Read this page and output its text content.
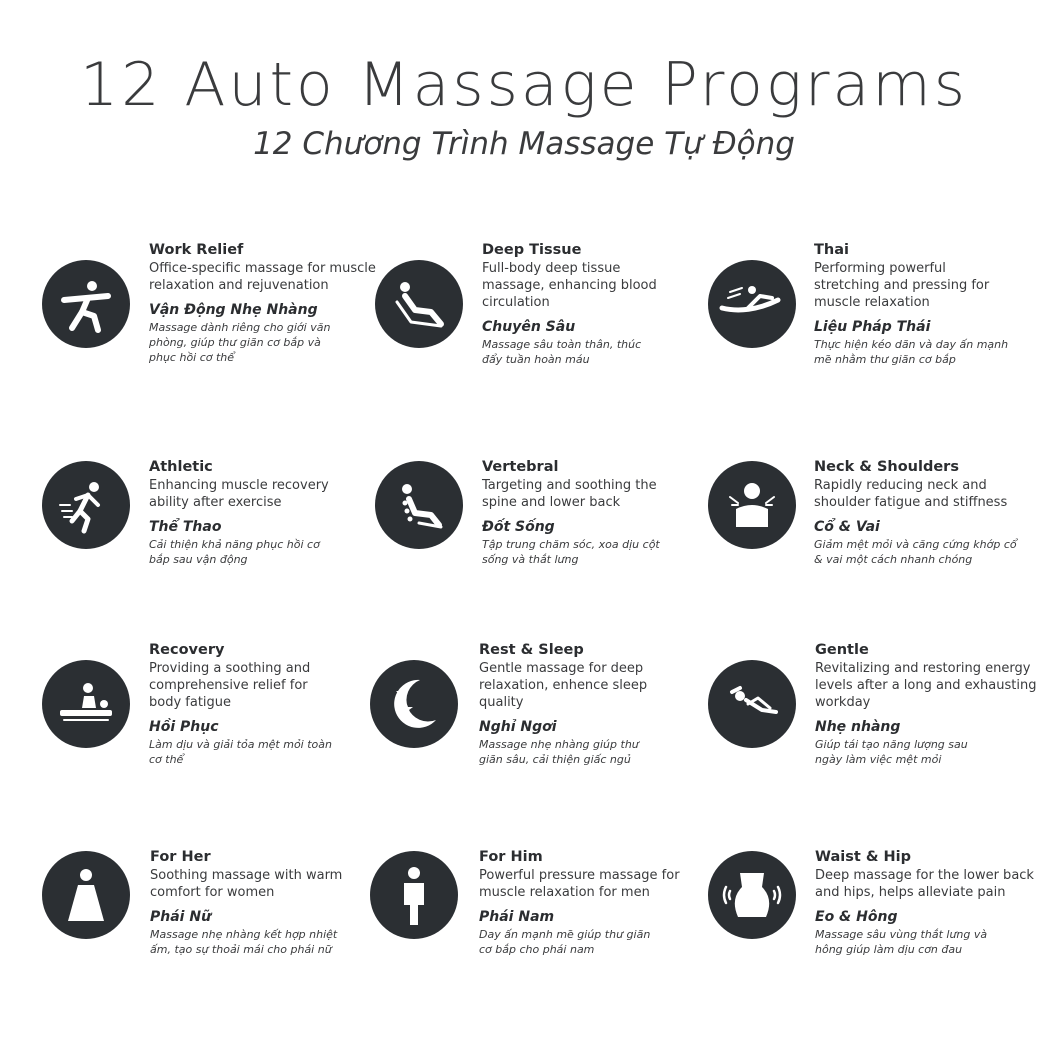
12 Auto Massage Programs
12 Chương Trình Massage Tự Động
Work Relief
Office-specific massage for muscle relaxation and rejuvenation
Vận Động Nhẹ Nhàng
Massage dành riêng cho giới văn phòng, giúp thư giãn cơ bắp và phục hồi cơ thể
Deep Tissue
Full-body deep tissue massage, enhancing blood circulation
Chuyên Sâu
Massage sâu toàn thân, thúc đẩy tuần hoàn máu
Thai
Performing powerful stretching and pressing for muscle relaxation
Liệu Pháp Thái
Thực hiện kéo dãn và day ấn mạnh mẽ nhằm thư giãn cơ bắp
Athletic
Enhancing muscle recovery ability after exercise
Thể Thao
Cải thiện khả năng phục hồi cơ bắp sau vận động
Vertebral
Targeting and soothing the spine and lower back
Đốt Sống
Tập trung chăm sóc, xoa dịu cột sống và thắt lưng
Neck & Shoulders
Rapidly reducing neck and shoulder fatigue and stiffness
Cổ & Vai
Giảm mệt mỏi và căng cứng khớp cổ & vai một cách nhanh chóng
Recovery
Providing a soothing and comprehensive relief for body fatigue
Hồi Phục
Làm dịu và giải tỏa mệt mỏi toàn cơ thể
Rest & Sleep
Gentle massage for deep relaxation, enhence sleep quality
Nghỉ Ngơi
Massage nhẹ nhàng giúp thư giãn sâu, cải thiện giấc ngủ
Gentle
Revitalizing and restoring energy levels after a long and exhausting workday
Nhẹ nhàng
Giúp tái tạo năng lượng sau ngày làm việc mệt mỏi
For Her
Soothing massage with warm comfort for women
Phái Nữ
Massage nhẹ nhàng kết hợp nhiệt ấm, tạo sự thoải mái cho phái nữ
For Him
Powerful pressure massage for muscle relaxation for men
Phái Nam
Day ấn mạnh mẽ giúp thư giãn cơ bắp cho phái nam
Waist & Hip
Deep massage for the lower back and hips, helps alleviate pain
Eo & Hông
Massage sâu vùng thắt lưng và hông giúp làm dịu cơn đau
